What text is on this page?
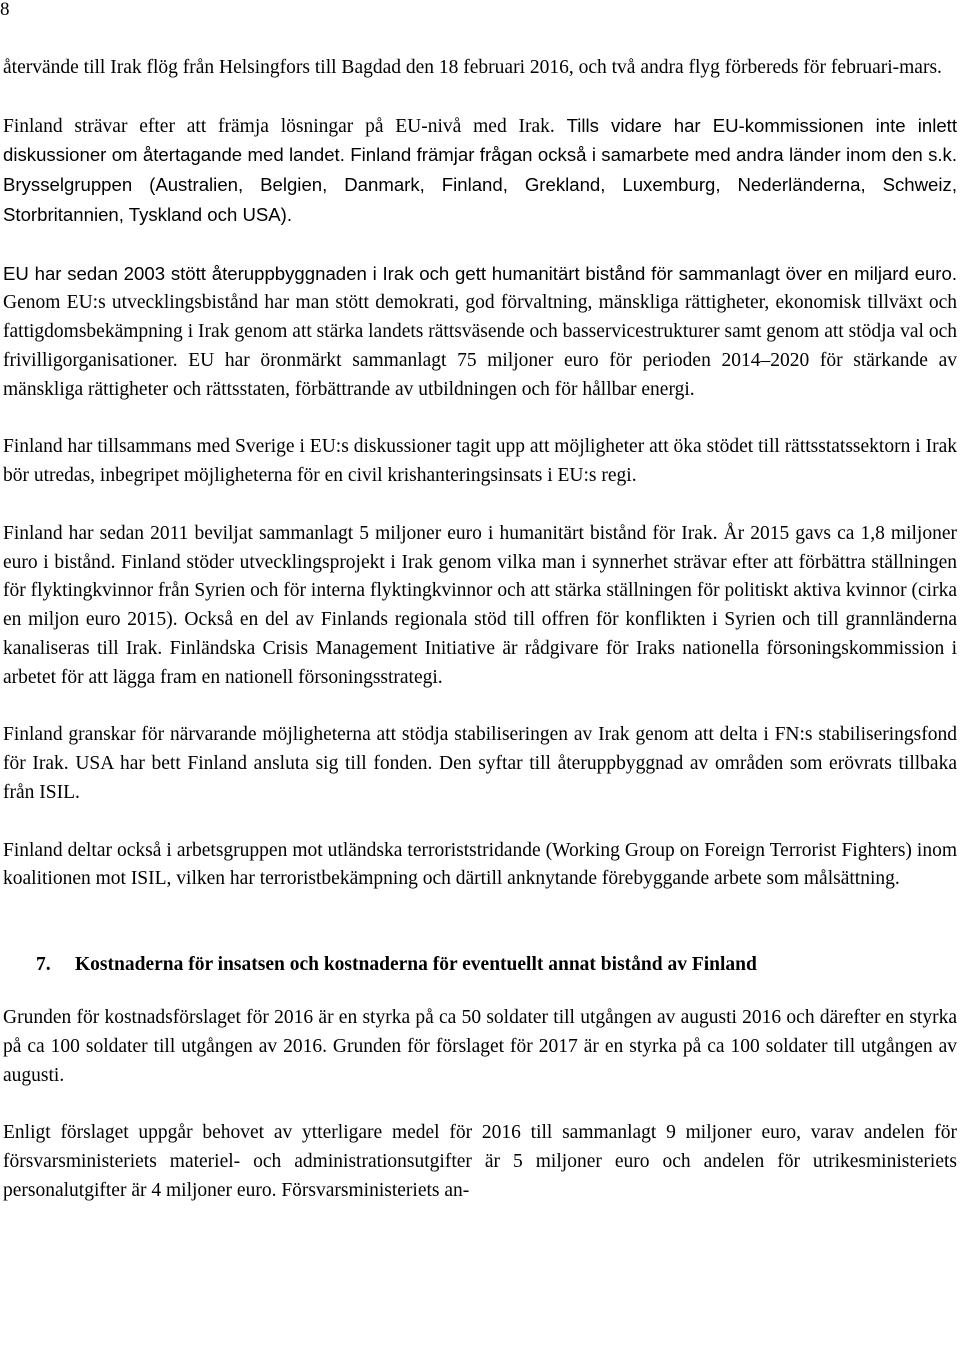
8

återvände till Irak flög från Helsingfors till Bagdad den 18 februari 2016, och två andra flyg förbereds för februari-mars.

Finland strävar efter att främja lösningar på EU-nivå med Irak. Tills vidare har EU-kommissionen inte inlett diskussioner om återtagande med landet. Finland främjar frågan också i samarbete med andra länder inom den s.k. Brysselgruppen (Australien, Belgien, Danmark, Finland, Grekland, Luxemburg, Nederländerna, Schweiz, Storbritannien, Tyskland och USA).

EU har sedan 2003 stött återuppbyggnaden i Irak och gett humanitärt bistånd för sammanlagt över en miljard euro. Genom EU:s utvecklingsbistånd har man stött demokrati, god förvaltning, mänskliga rättigheter, ekonomisk tillväxt och fattigdomsbekämpning i Irak genom att stärka landets rättsväsende och basservicestrukturer samt genom att stödja val och frivilligorganisationer. EU har öronmärkt sammanlagt 75 miljoner euro för perioden 2014–2020 för stärkande av mänskliga rättigheter och rättsstaten, förbättrande av utbildningen och för hållbar energi.

Finland har tillsammans med Sverige i EU:s diskussioner tagit upp att möjligheter att öka stödet till rättsstatssektorn i Irak bör utredas, inbegripet möjligheterna för en civil krishanteringsinsats i EU:s regi.

Finland har sedan 2011 beviljat sammanlagt 5 miljoner euro i humanitärt bistånd för Irak. År 2015 gavs ca 1,8 miljoner euro i bistånd. Finland stöder utvecklingsprojekt i Irak genom vilka man i synnerhet strävar efter att förbättra ställningen för flyktingkvinnor från Syrien och för interna flyktingkvinnor och att stärka ställningen för politiskt aktiva kvinnor (cirka en miljon euro 2015). Också en del av Finlands regionala stöd till offren för konflikten i Syrien och till grannländerna kanaliseras till Irak. Finländska Crisis Management Initiative är rådgivare för Iraks nationella försoningskommission i arbetet för att lägga fram en nationell försoningsstrategi.

Finland granskar för närvarande möjligheterna att stödja stabiliseringen av Irak genom att delta i FN:s stabiliseringsfond för Irak. USA har bett Finland ansluta sig till fonden. Den syftar till återuppbyggnad av områden som erövrats tillbaka från ISIL.

Finland deltar också i arbetsgruppen mot utländska terroriststridande (Working Group on Foreign Terrorist Fighters) inom koalitionen mot ISIL, vilken har terroristbekämpning och därtill anknytande förebyggande arbete som målsättning.

7.	Kostnaderna för insatsen och kostnaderna för eventuellt annat bistånd av Finland

Grunden för kostnadsförslaget för 2016 är en styrka på ca 50 soldater till utgången av augusti 2016 och därefter en styrka på ca 100 soldater till utgången av 2016. Grunden för förslaget för 2017 är en styrka på ca 100 soldater till utgången av augusti.

Enligt förslaget uppgår behovet av ytterligare medel för 2016 till sammanlagt 9 miljoner euro, varav andelen för försvarsministeriets materiel- och administrationsutgifter är 5 miljoner euro och andelen för utrikesministeriets personalutgifter är 4 miljoner euro. Försvarsministeriets an-
